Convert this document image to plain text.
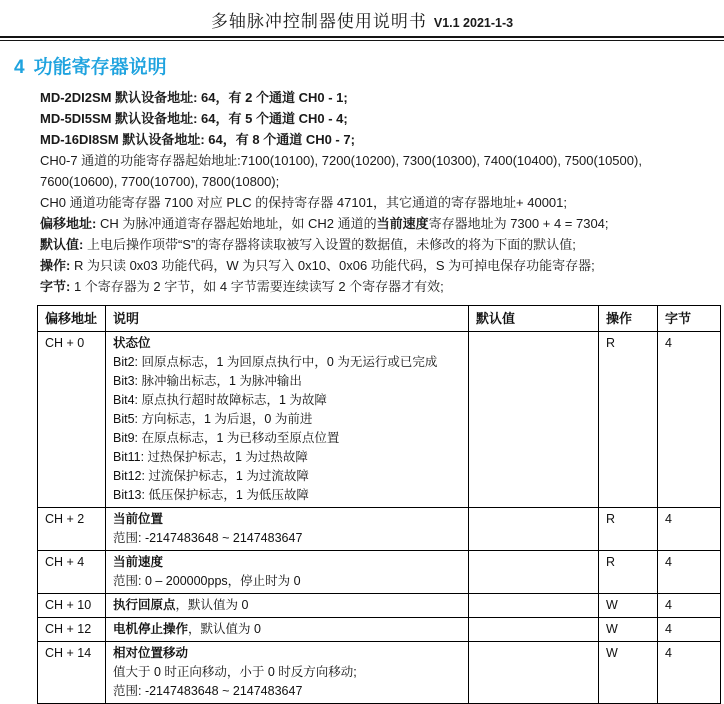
多轴脉冲控制器使用说明书 V1.1 2021-1-3
4 功能寄存器说明
MD-2DI2SM 默认设备地址: 64，有 2 个通道 CH0 - 1;
MD-5DI5SM 默认设备地址: 64，有 5 个通道 CH0 - 4;
MD-16DI8SM 默认设备地址: 64，有 8 个通道 CH0 - 7;
CH0-7 通道的功能寄存器起始地址:7100(10100), 7200(10200), 7300(10300), 7400(10400), 7500(10500), 7600(10600), 7700(10700), 7800(10800);
CH0 通道功能寄存器 7100 对应 PLC 的保持寄存器 47101，其它通道的寄存器地址+ 40001;
偏移地址: CH 为脉冲通道寄存器起始地址，如 CH2 通道的当前速度寄存器地址为 7300 + 4 = 7304;
默认值: 上电后操作项带“S”的寄存器将读取被写入设置的数据值，未修改的将为下面的默认值;
操作: R 为只读 0x03 功能代码，W 为只写入 0x10、0x06 功能代码，S 为可掉电保存功能寄存器;
字节: 1 个寄存器为 2 字节，如 4 字节需要连续读写 2 个寄存器才有效;
偏移地址	说明	默认值	操作	字节
CH + 0	状态位
Bit2: 回原点标志，1 为回原点执行中，0 为无运行或已完成
Bit3: 脉冲输出标志，1 为脉冲输出
Bit4: 原点执行超时故障标志，1 为故障
Bit5: 方向标志，1 为后退，0 为前进
Bit9: 在原点标志，1 为已移动至原点位置
Bit11: 过热保护标志，1 为过热故障
Bit12: 过流保护标志，1 为过流故障
Bit13: 低压保护标志，1 为低压故障
		R	4
CH + 2	当前位置
范围: -2147483648 ~ 2147483647		R	4
CH + 4	当前速度
范围: 0 – 200000pps，停止时为 0		R	4
CH + 10	执行回原点，默认值为 0		W	4
CH + 12	电机停止操作，默认值为 0		W	4
CH + 14	相对位置移动
值大于 0 时正向移动，小于 0 时反方向移动;
范围: -2147483648 ~ 2147483647		W	4
